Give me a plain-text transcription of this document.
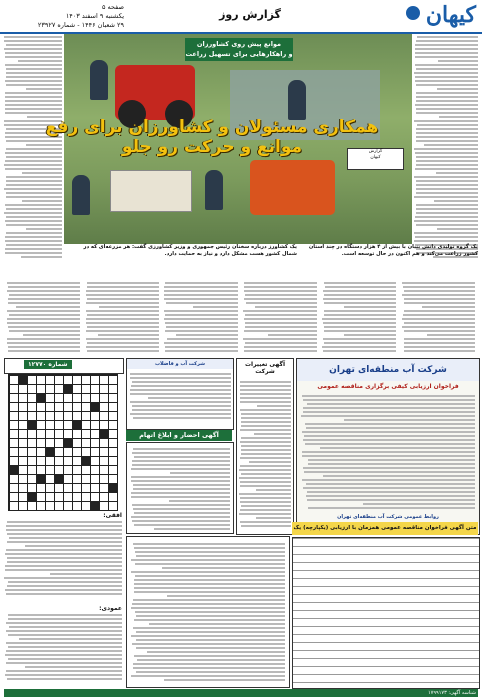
کیهان
گزارش روز
صفحه ۵
یکشنبه ۹ اسفند ۱۴۰۳
۲۹ شعبان ۱۴۴۶ - شماره ۲۳۹۲۷
موانع پیش روی کشاورزان
و راهکارهایی برای تسهیل زراعت
همکاری مسئولان و کشاورزان برای رفع موانع و حرکت رو جلو	گزارش
کیهان
یک گروه تولیدی دانش بنیان با بیش از ۴ هزار دستگاه در چند استان کشور زراعت می‌کند و هم اکنون در حال توسعه است.
یک کشاورز درباره سخنان رئیس جمهوری و وزیر کشاورزی گفت: هر مزرعه‌ای که در شمال کشور هست مشکل دارد و نیاز به حمایت دارد.
شماره ۱۲۷۷۰
افقی:
عمودی:
شرکت آب و فاضلاب
آگهی احضار و ابلاغ اتهام
آگهی تغییرات شرکت	شرکت آب منطقه‌ای تهران
فراخوان ارزیابی کیفی برگزاری مناقصه عمومی
روابط عمومی شرکت آب منطقه‌ای تهران
متن آگهی فراخوان مناقصه عمومی همزمان با ارزیابی (یکپارچه) یک
شناسه آگهی: ۱۷۹۹۱۷۳
